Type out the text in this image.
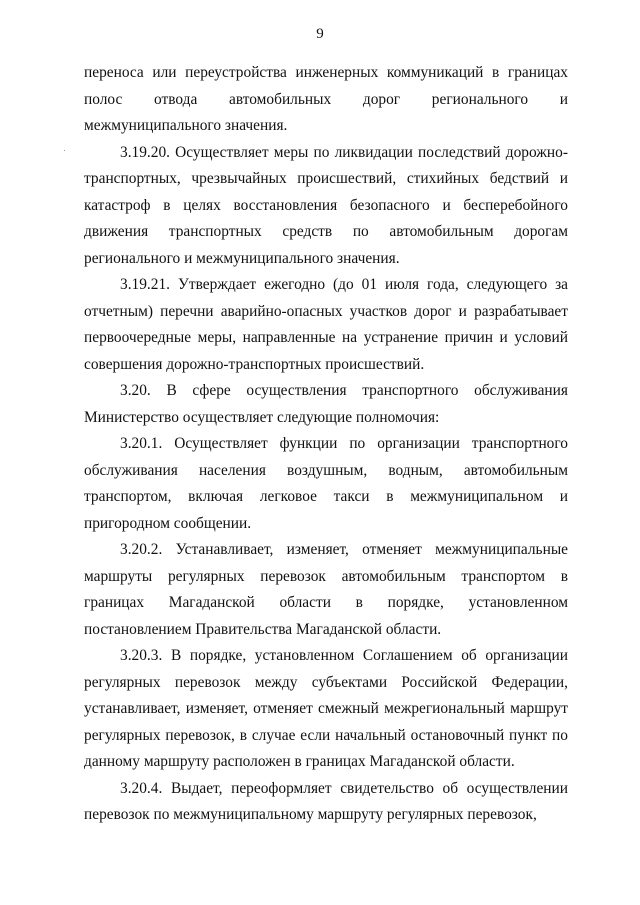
9

переноса или переустройства инженерных коммуникаций в границах полос отвода автомобильных дорог регионального и межмуниципального значения.

3.19.20. Осуществляет меры по ликвидации последствий дорожно-транспортных, чрезвычайных происшествий, стихийных бедствий и катастроф в целях восстановления безопасного и бесперебойного движения транспортных средств по автомобильным дорогам регионального и межмуниципального значения.

3.19.21. Утверждает ежегодно (до 01 июля года, следующего за отчетным) перечни аварийно-опасных участков дорог и разрабатывает первоочередные меры, направленные на устранение причин и условий совершения дорожно-транспортных происшествий.

3.20. В сфере осуществления транспортного обслуживания Министерство осуществляет следующие полномочия:

3.20.1. Осуществляет функции по организации транспортного обслуживания населения воздушным, водным, автомобильным транспортом, включая легковое такси в межмуниципальном и пригородном сообщении.

3.20.2. Устанавливает, изменяет, отменяет межмуниципальные маршруты регулярных перевозок автомобильным транспортом в границах Магаданской области в порядке, установленном постановлением Правительства Магаданской области.

3.20.3. В порядке, установленном Соглашением об организации регулярных перевозок между субъектами Российской Федерации, устанавливает, изменяет, отменяет смежный межрегиональный маршрут регулярных перевозок, в случае если начальный остановочный пункт по данному маршруту расположен в границах Магаданской области.

3.20.4. Выдает, переоформляет свидетельство об осуществлении перевозок по межмуниципальному маршруту регулярных перевозок,
